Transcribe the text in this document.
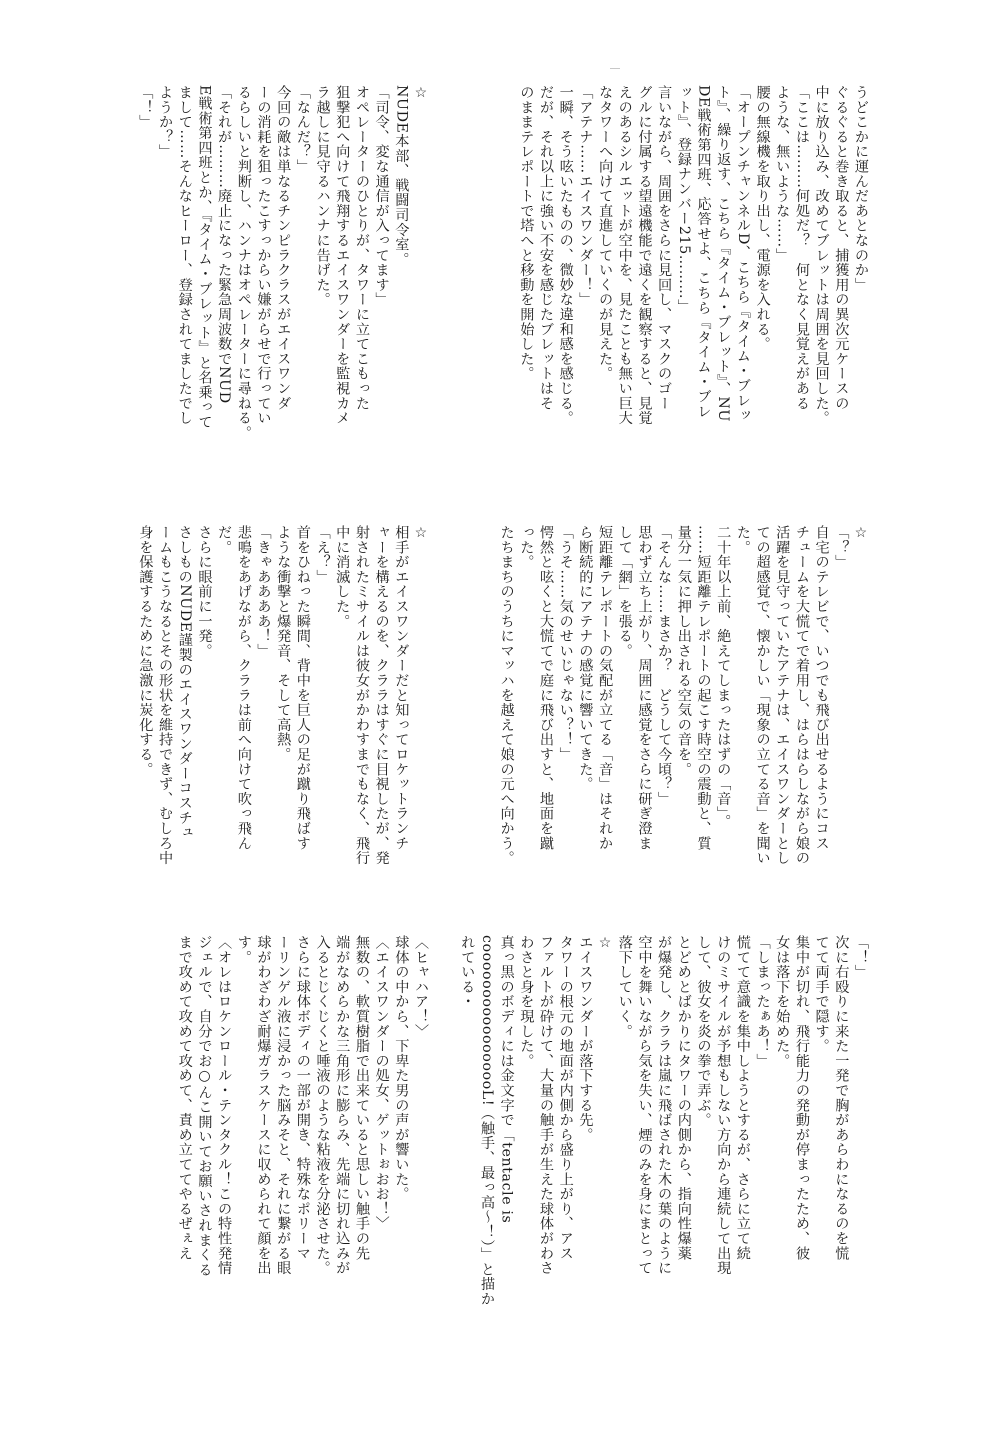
うどこかに運んだあとなのか」
ぐるぐると巻き取ると、捕獲用の異次元ケースの
中に放り込み、改めてブレットは周囲を見回した。
「ここは………何処だ？　何となく見覚えがある
ような、無いような……」
腰の無線機を取り出し、電源を入れる。
「オープンチャンネルD、こちら『タイム・ブレッ
ト』、繰り返す、こちら『タイム・ブレット』、NU
DE戦術第四班、応答せよ、こちら『タイム・ブレ
ット』、登録ナンバー215………」
言いながら、周囲をさらに見回し、マスクのゴー
グルに付属する望遠機能で遠くを観察すると、見覚
えのあるシルエットが空中を、見たことも無い巨大
なタワーへ向けて直進していくのが見えた。
「アテナ……エイスワンダー！」
一瞬、そう呟いたものの、微妙な違和感を感じる。
だが、それ以上に強い不安を感じたブレットはそ
のままテレポートで塔へと移動を開始した。
☆
NUDE本部、戦闘司令室。
「司令、変な通信が入ってます」
オペレーターのひとりが、タワーに立てこもった
狙撃犯へ向けて飛翔するエイスワンダーを監視カメ
ラ越しに見守るハンナに告げた。
「なんだ？」
今回の敵は単なるチンピラクラスがエイスワンダ
ーの消耗を狙ったこすっからい嫌がらせで行ってい
るらしいと判断し、ハンナはオペレーターに尋ねる。
「それが………廃止になった緊急周波数でNUD
E戦術第四班とか、『タイム・ブレット』と名乗って
まして……そんなヒーロー、登録されてましたでし
ようか？」
「！」
☆
「？」
自宅のテレビで、いつでも飛び出せるようにコス
チュームを大慌てで着用し、はらはらしながら娘の
活躍を見守っていたアテナは、エイスワンダーとし
ての超感覚で、懐かしい「現象の立てる音」を聞い
た。
二十年以上前、絶えてしまったはずの「音」。
……短距離テレポートの起こす時空の震動と、質
量分一気に押し出される空気の音を。
「そんな……まさか？　どうして今頃？」
思わず立ち上がり、周囲に感覚をさらに研ぎ澄ま
して「網」を張る。
短距離テレポートの気配が立てる「音」はそれか
ら断続的にアテナの感覚に響いてきた。
「うそ……気のせいじゃない？！」
愕然と呟くと大慌てで庭に飛び出すと、地面を蹴
った。
たちまちのうちにマッハを越えて娘の元へ向かう。
☆
相手がエイスワンダーだと知ってロケットランチ
ャーを構えるのを、クララはすぐに目視したが、発
射されたミサイルは彼女がかわすまでもなく、飛行
中に消滅した。
「え？」
首をひねった瞬間、背中を巨人の足が蹴り飛ばす
ような衝撃と爆発音、そして高熱。
「きゃああああ！」
悲鳴をあげながら、クララは前へ向けて吹っ飛ん
だ。
さらに眼前に一発。
さしものNUDE謹製のエイスワンダーコスチュ
ームもこうなるとその形状を維持できず、むしろ中
身を保護するために急激に炭化する。
「！」
次に右殴りに来た一発で胸があらわになるのを慌
てて両手で隠す。
集中が切れ、飛行能力の発動が停まったため、彼
女は落下を始めた。
「しまったぁあ！」
慌てて意識を集中しようとするが、さらに立て続
けのミサイルが予想もしない方向から連続して出現
して、彼女を炎の拳で弄ぶ。
とどめとばかりにタワーの内側から、指向性爆薬
が爆発し、クララは嵐に飛ばされた木の葉のように
空中を舞いながら気を失い、煙のみを身にまとって
落下していく。
☆
エイスワンダーが落下する先。
タワーの根元の地面が内側から盛り上がり、アス
ファルトが砕けて、大量の触手が生えた球体がわさ
わさと身を現した。
真っ黒のボディには金文字で「tentacle is
cooooooooooooooooL!（触手、最っ高〜！）」と描か
れている・
〈ヒャハア！〉
球体の中から、下卑た男の声が響いた。
〈エイスワンダーの処女、ゲットぉおお！〉
無数の、軟質樹脂で出来ていると思しい触手の先
端がなめらかな三角形に膨らみ、先端に切れ込みが
入るとじくじくと唾液のような粘液を分泌させた。
さらに球体ボディの一部が開き、特殊なポリーマ
ーリンゲル液に浸かった脳みそと、それに繋がる眼
球がわざわざ耐爆ガラスケースに収められて顔を出
す。
〈オレはロケンロール・テンタクル！この特性発情
ジェルで、自分でお○んこ開いてお願いされまくる
まで攻めて攻めて攻めて、責め立ててやるぜぇえ
